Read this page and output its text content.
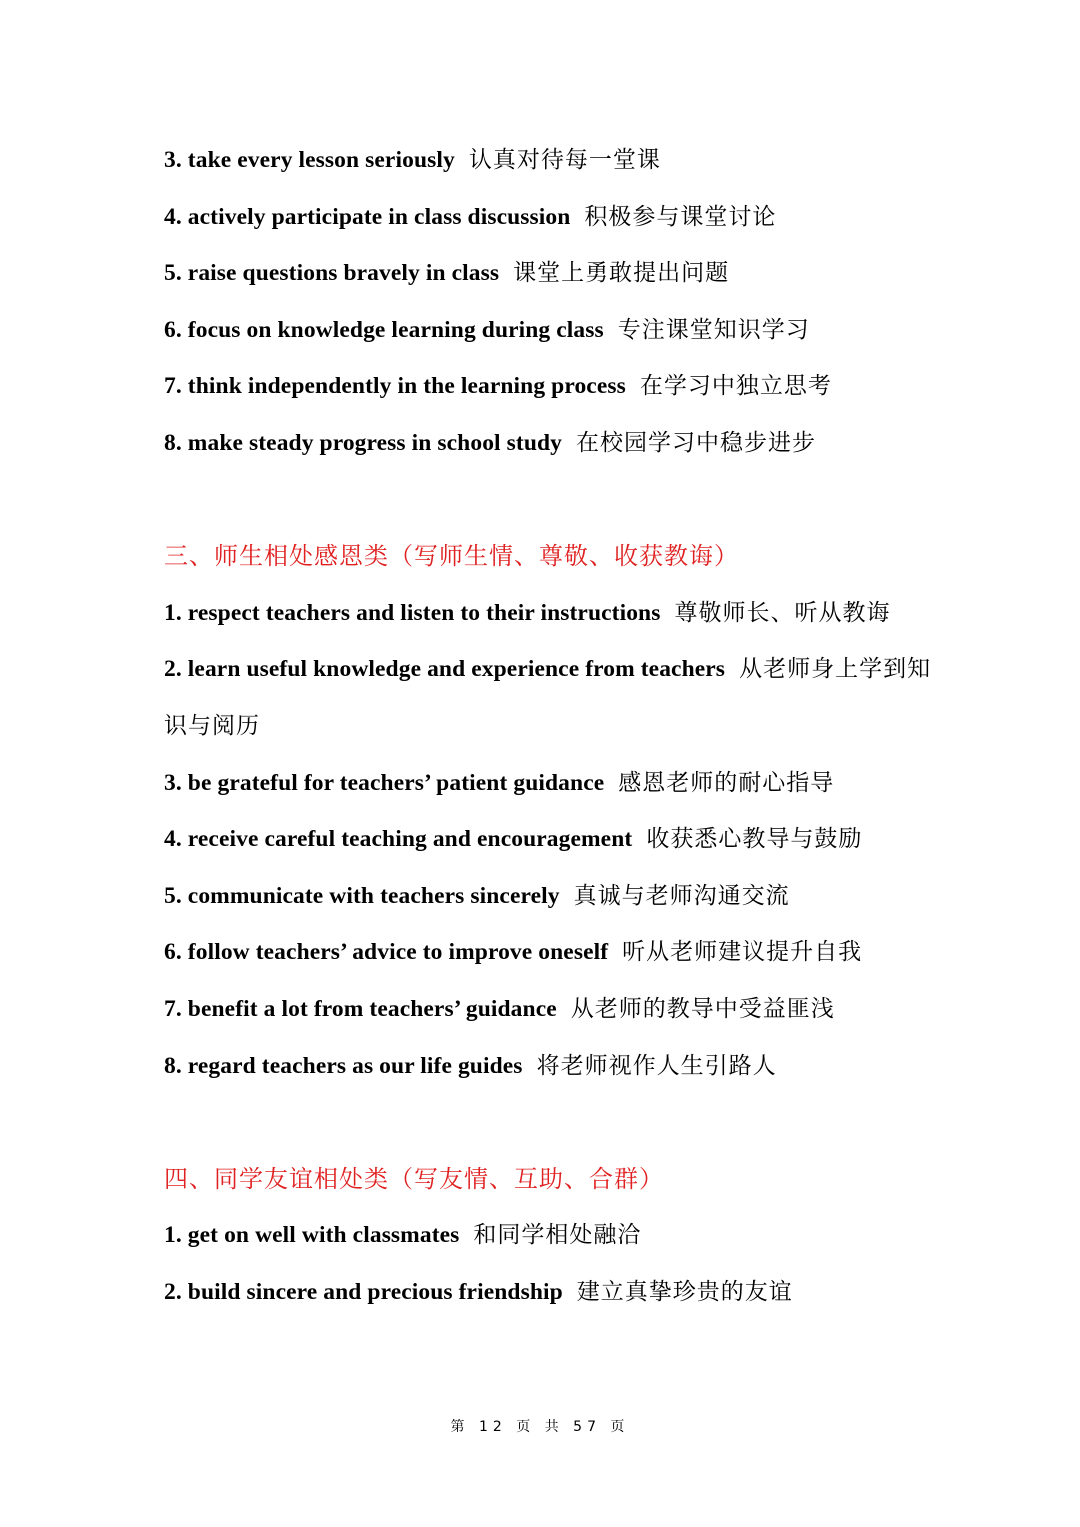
3. take every lesson seriously 认真对待每一堂课
4. actively participate in class discussion 积极参与课堂讨论
5. raise questions bravely in class 课堂上勇敢提出问题
6. focus on knowledge learning during class 专注课堂知识学习
7. think independently in the learning process 在学习中独立思考
8. make steady progress in school study 在校园学习中稳步进步
三、师生相处感恩类（写师生情、尊敬、收获教诲）
1. respect teachers and listen to their instructions 尊敬师长、听从教诲
2. learn useful knowledge and experience from teachers 从老师身上学到知识与阅历
3. be grateful for teachers’ patient guidance 感恩老师的耐心指导
4. receive careful teaching and encouragement 收获悉心教导与鼓励
5. communicate with teachers sincerely 真诚与老师沟通交流
6. follow teachers’ advice to improve oneself 听从老师建议提升自我
7. benefit a lot from teachers’ guidance 从老师的教导中受益匪浅
8. regard teachers as our life guides 将老师视作人生引路人
四、同学友谊相处类（写友情、互助、合群）
1. get on well with classmates 和同学相处融洽
2. build sincere and precious friendship 建立真挚珍贵的友谊
第 12 页 共 57 页
